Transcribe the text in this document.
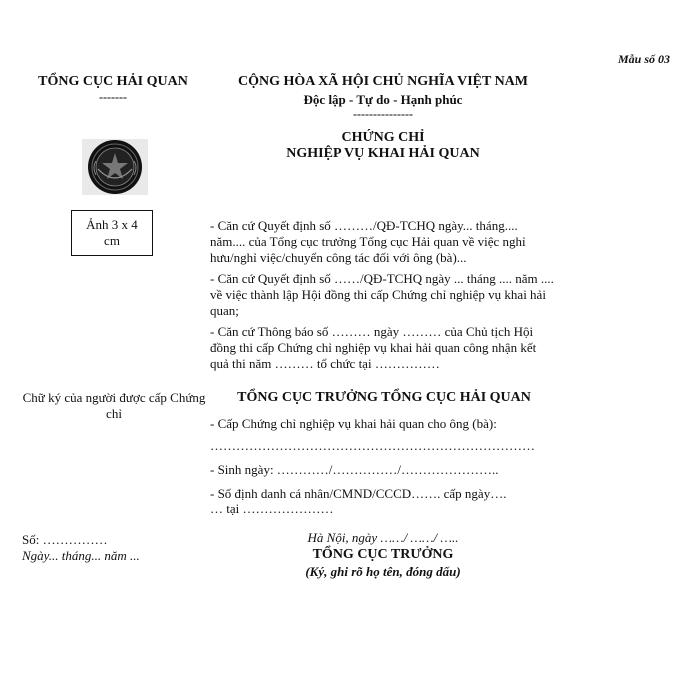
Mẫu số 03
TỔNG CỤC HẢI QUAN
-------
CỘNG HÒA XÃ HỘI CHỦ NGHĨA VIỆT NAM
Độc lập - Tự do - Hạnh phúc
---------------
CHỨNG CHỈ
NGHIỆP VỤ KHAI HẢI QUAN
Ảnh 3 x 4
cm

- Căn cứ Quyết định số ………/QĐ-TCHQ ngày... tháng.... năm.... của Tổng cục trưởng Tổng cục Hải quan về việc nghỉ hưu/nghỉ việc/chuyển công tác đối với ông (bà)...

- Căn cứ Quyết định số ……/QĐ-TCHQ ngày ... tháng .... năm .... về việc thành lập Hội đồng thi cấp Chứng chỉ nghiệp vụ khai hải quan;

- Căn cứ Thông báo số ……… ngày ……… của Chủ tịch Hội đồng thi cấp Chứng chỉ nghiệp vụ khai hải quan công nhận kết quả thi năm ……… tổ chức tại ……………

Chữ ký của người được cấp Chứng chỉ
TỔNG CỤC TRƯỞNG TỔNG CỤC HẢI QUAN
- Cấp Chứng chỉ nghiệp vụ khai hải quan cho ông (bà):
…………………………………………………………………
- Sinh ngày: …………/……………/…………………..
- Số định danh cá nhân/CMND/CCCD……. cấp ngày….
… tại …………………
Số: ……………
Ngày... tháng... năm ...
Hà Nội, ngày ……/ ……/ …..
TỔNG CỤC TRƯỞNG
(Ký, ghi rõ họ tên, đóng dấu)
